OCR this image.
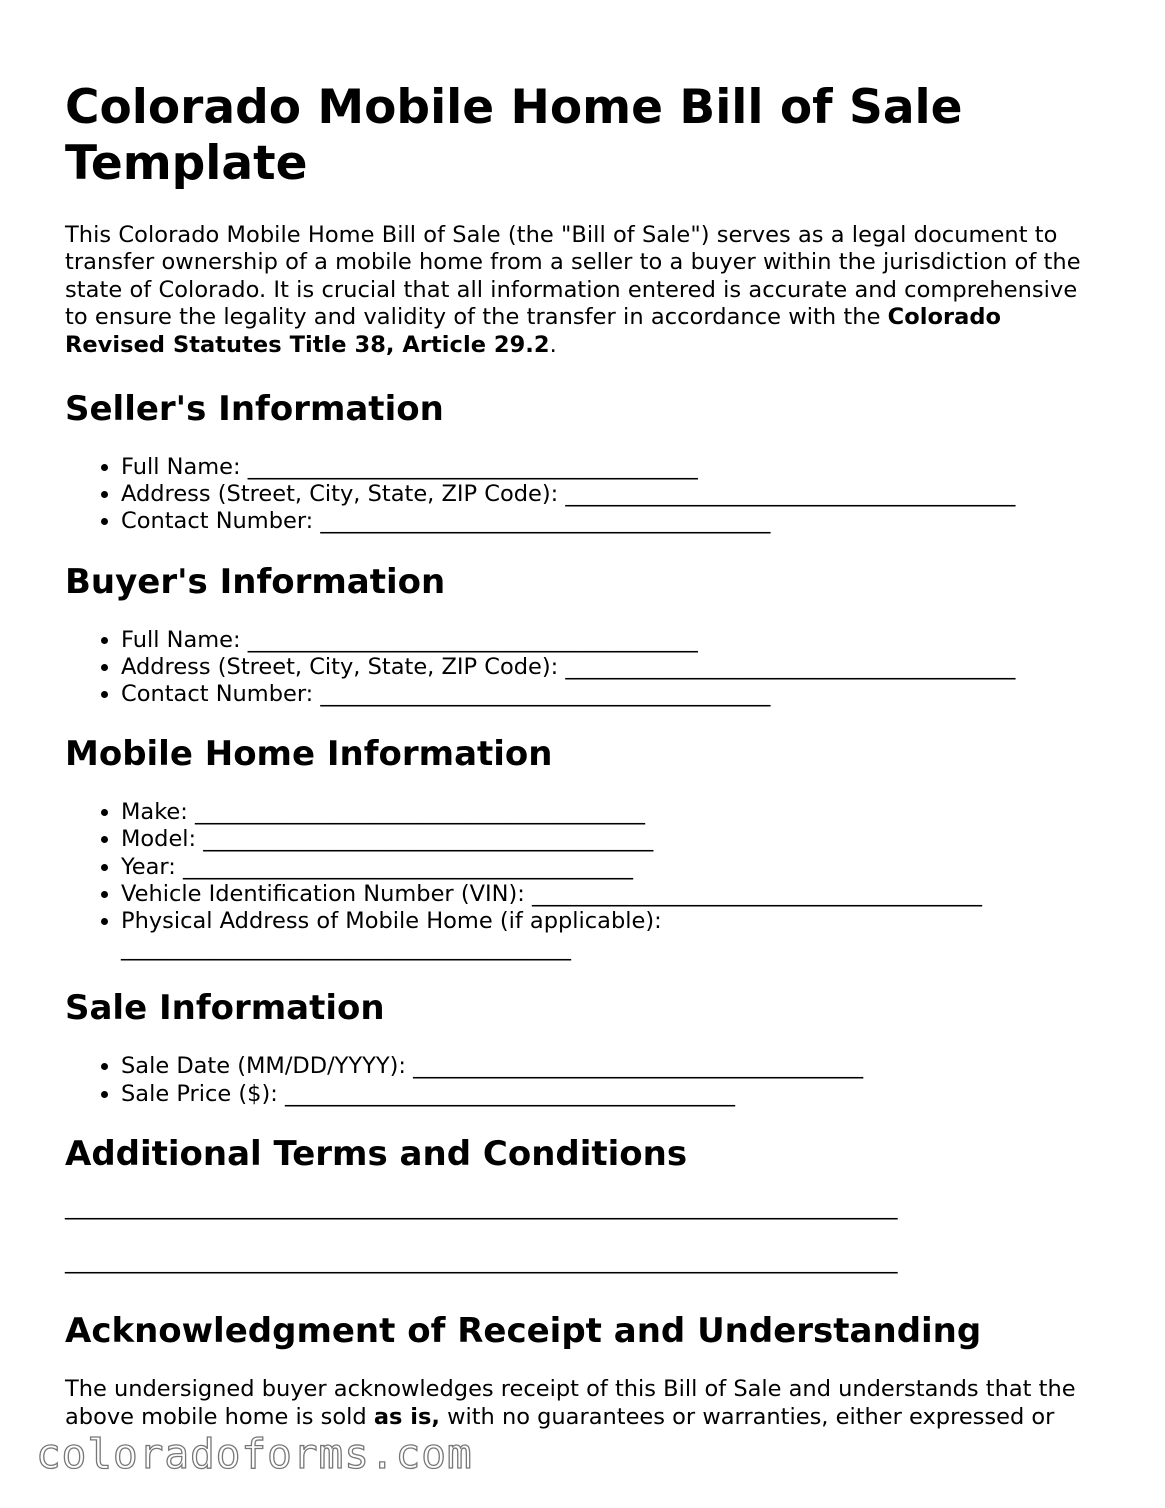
Colorado Mobile Home Bill of Sale Template

This Colorado Mobile Home Bill of Sale (the "Bill of Sale") serves as a legal document to transfer ownership of a mobile home from a seller to a buyer within the jurisdiction of the state of Colorado. It is crucial that all information entered is accurate and comprehensive to ensure the legality and validity of the transfer in accordance with the Colorado Revised Statutes Title 38, Article 29.2.

Seller's Information
• Full Name: ________________________________________
• Address (Street, City, State, ZIP Code): ________________________________________
• Contact Number: ________________________________________
Buyer's Information
• Full Name: ________________________________________
• Address (Street, City, State, ZIP Code): ________________________________________
• Contact Number: ________________________________________
Mobile Home Information
• Make: ________________________________________
• Model: ________________________________________
• Year: ________________________________________
• Vehicle Identification Number (VIN): ________________________________________
• Physical Address of Mobile Home (if applicable): ________________________________________
Sale Information
• Sale Date (MM/DD/YYYY): ________________________________________
• Sale Price ($): ________________________________________
Additional Terms and Conditions

__________________________________________________________________________

__________________________________________________________________________

Acknowledgment of Receipt and Understanding

The undersigned buyer acknowledges receipt of this Bill of Sale and understands that the above mobile home is sold as is, with no guarantees or warranties, either expressed or

coloradoforms.com
